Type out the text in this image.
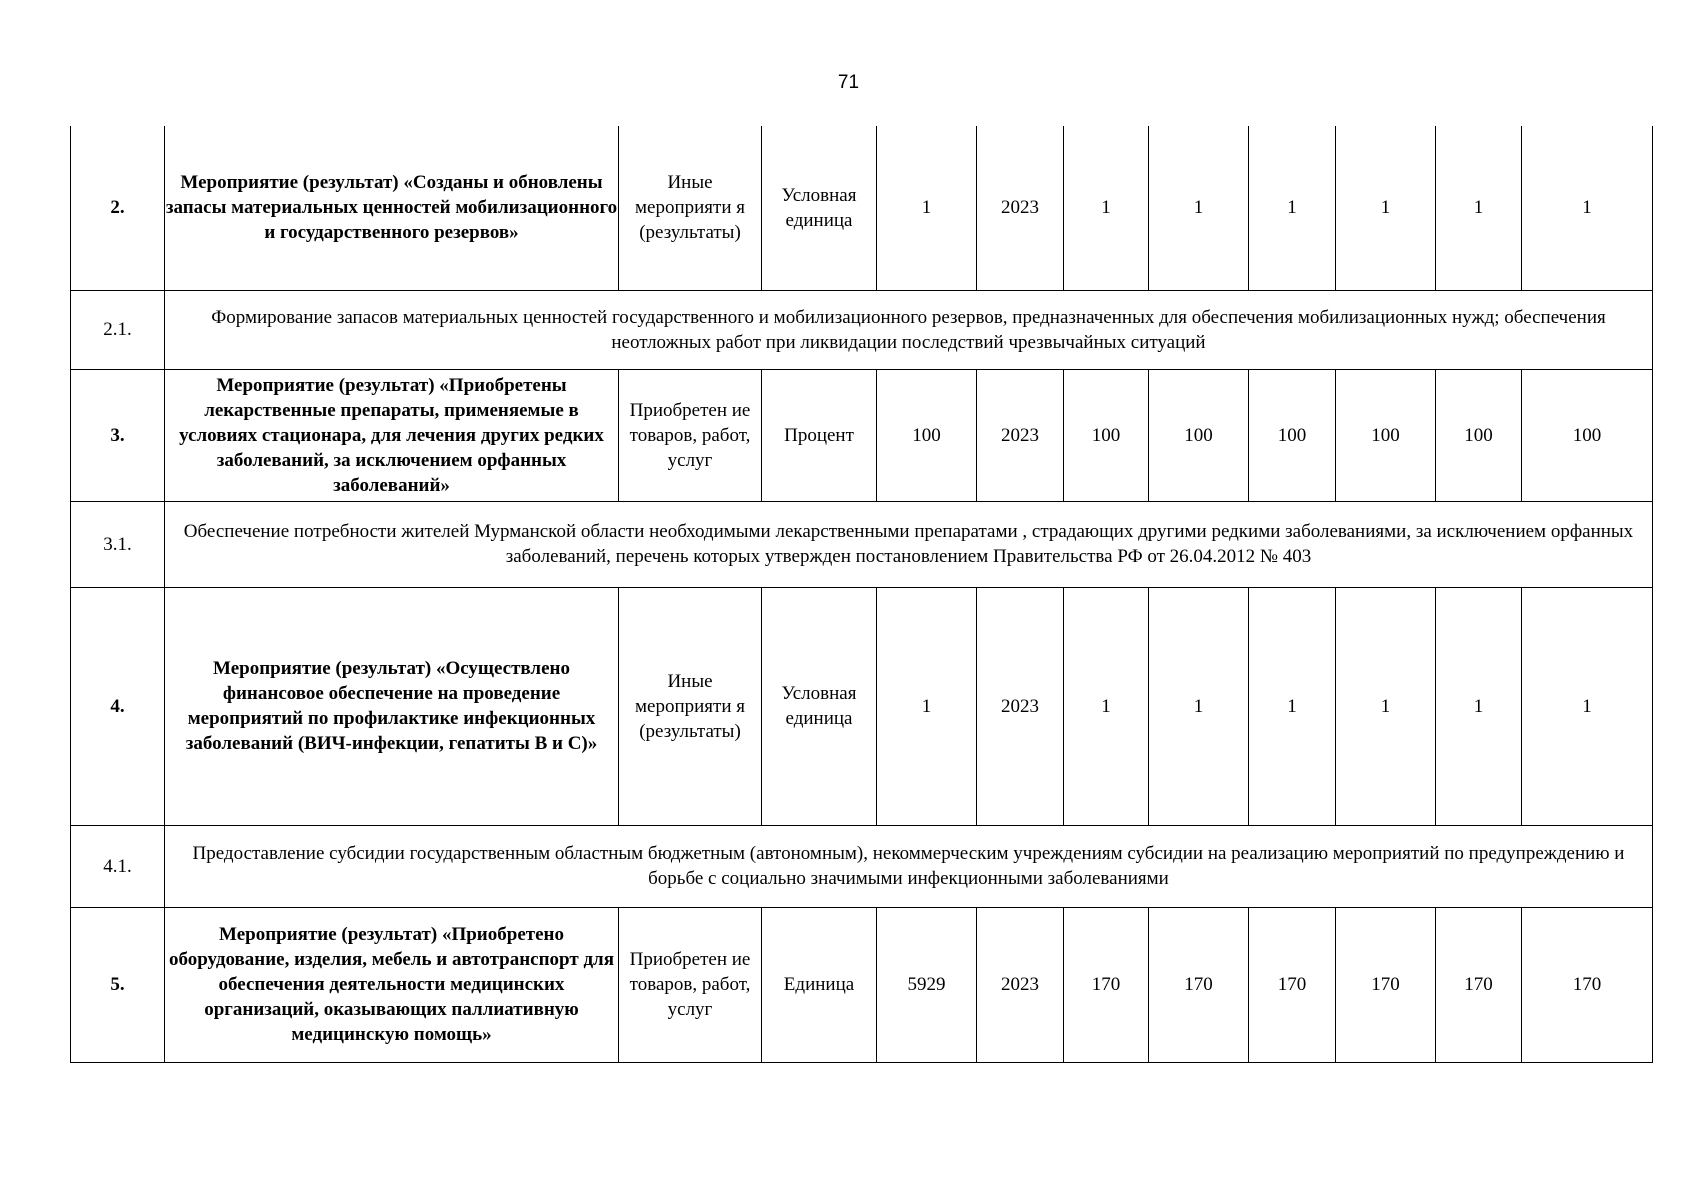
71
2.	Мероприятие (результат) «Созданы и обновлены запасы материальных ценностей мобилизационного и государственного резервов»	Иные мероприяти я (результаты)	Условная единица	1	2023	1	1	1	1	1	1
2.1.	Формирование запасов материальных ценностей государственного и мобилизационного резервов, предназначенных для обеспечения мобилизационных нужд; обеспечения неотложных работ при ликвидации последствий чрезвычайных ситуаций										
3.	Мероприятие (результат) «Приобретены лекарственные препараты, применяемые в условиях стационара, для лечения других редких заболеваний, за исключением орфанных заболеваний»	Приобретен ие товаров, работ, услуг	Процент	100	2023	100	100	100	100	100	100
3.1.	Обеспечение потребности жителей Мурманской области необходимыми лекарственными препаратами , страдающих другими редкими заболеваниями, за исключением орфанных заболеваний, перечень которых утвержден постановлением Правительства РФ от 26.04.2012 № 403										
4.	Мероприятие (результат) «Осуществлено финансовое обеспечение на проведение мероприятий по профилактике инфекционных заболеваний (ВИЧ-инфекции, гепатиты В и С)»	Иные мероприяти я (результаты)	Условная единица	1	2023	1	1	1	1	1	1
4.1.	Предоставление субсидии государственным областным бюджетным (автономным), некоммерческим учреждениям субсидии на реализацию мероприятий по предупреждению и борьбе с социально значимыми инфекционными заболеваниями										
5.	Мероприятие (результат) «Приобретено оборудование, изделия, мебель и автотранспорт для обеспечения деятельности медицинских организаций, оказывающих паллиативную медицинскую помощь»	Приобретен ие товаров, работ, услуг	Единица	5929	2023	170	170	170	170	170	170
